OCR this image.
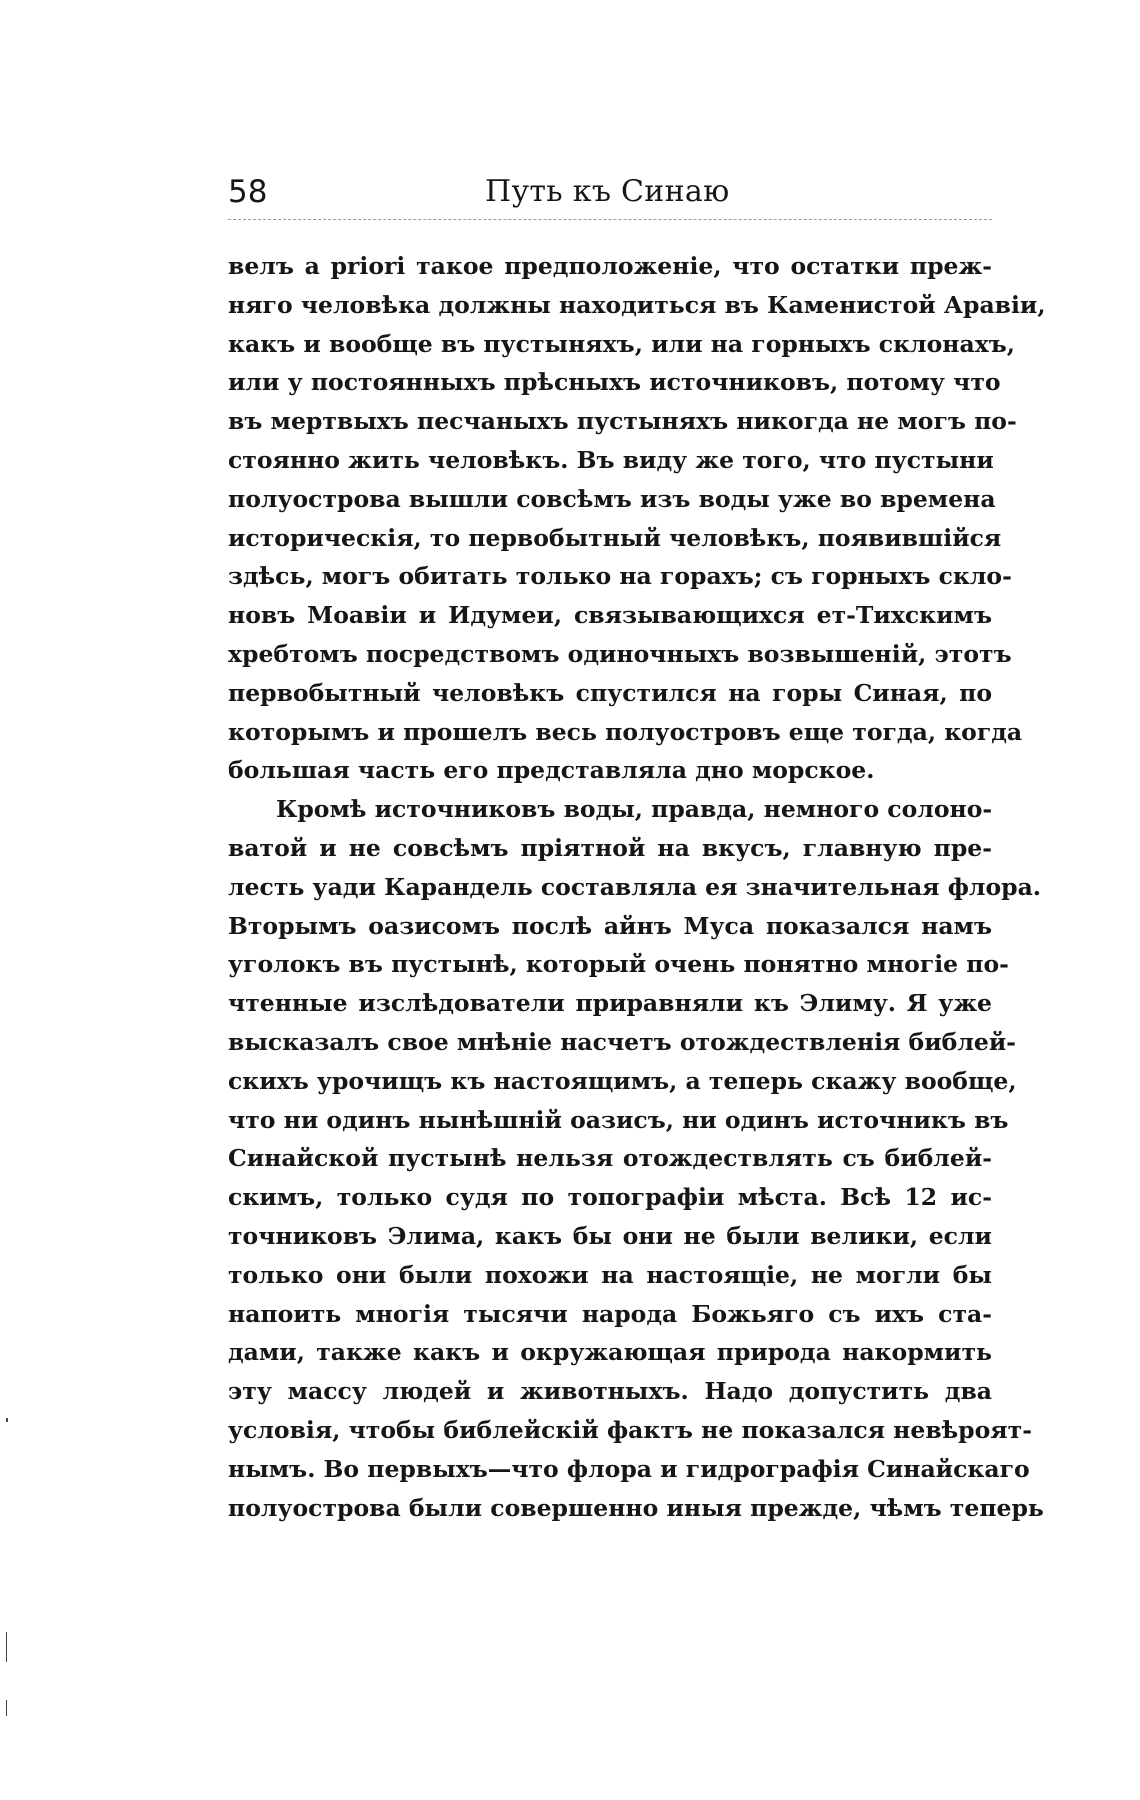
58	Путь къ Синаю
велъ а priori такое предположеніе, что остатки преж-
няго человѣка должны находиться въ Каменистой Аравіи,
какъ и вообще въ пустыняхъ, или на горныхъ склонахъ,
или у постоянныхъ прѣсныхъ источниковъ, потому что
въ мертвыхъ песчаныхъ пустыняхъ никогда не могъ по-
стоянно жить человѣкъ. Въ виду же того, что пустыни
полуострова вышли совсѣмъ изъ воды уже во времена
историческія, то первобытный человѣкъ, появившійся
здѣсь, могъ обитать только на горахъ; съ горныхъ скло-
новъ Моавіи и Идумеи, связывающихся ет-Тихскимъ
хребтомъ посредствомъ одиночныхъ возвышеній, этотъ
первобытный человѣкъ спустился на горы Синая, по
которымъ и прошелъ весь полуостровъ еще тогда, когда
большая часть его представляла дно морское.
Кромѣ источниковъ воды, правда, немного солоно-
ватой и не совсѣмъ пріятной на вкусъ, главную пре-
лесть уади Карандель составляла ея значительная флора.
Вторымъ оазисомъ послѣ айнъ Муса показался намъ
уголокъ въ пустынѣ, который очень понятно многіе по-
чтенные изслѣдователи приравняли къ Элиму. Я уже
высказалъ свое мнѣніе насчетъ отождествленія библей-
скихъ урочищъ къ настоящимъ, а теперь скажу вообще,
что ни одинъ нынѣшній оазисъ, ни одинъ источникъ въ
Синайской пустынѣ нельзя отождествлять съ библей-
скимъ, только судя по топографіи мѣста. Всѣ 12 ис-
точниковъ Элима, какъ бы они не были велики, если
только они были похожи на настоящіе, не могли бы
напоить многія тысячи народа Божьяго съ ихъ ста-
дами, также какъ и окружающая природа накормить
эту массу людей и животныхъ. Надо допустить два
условія, чтобы библейскій фактъ не показался невѣроят-
нымъ. Во первыхъ—что флора и гидрографія Синайскаго
полуострова были совершенно иныя прежде, чѣмъ теперь
